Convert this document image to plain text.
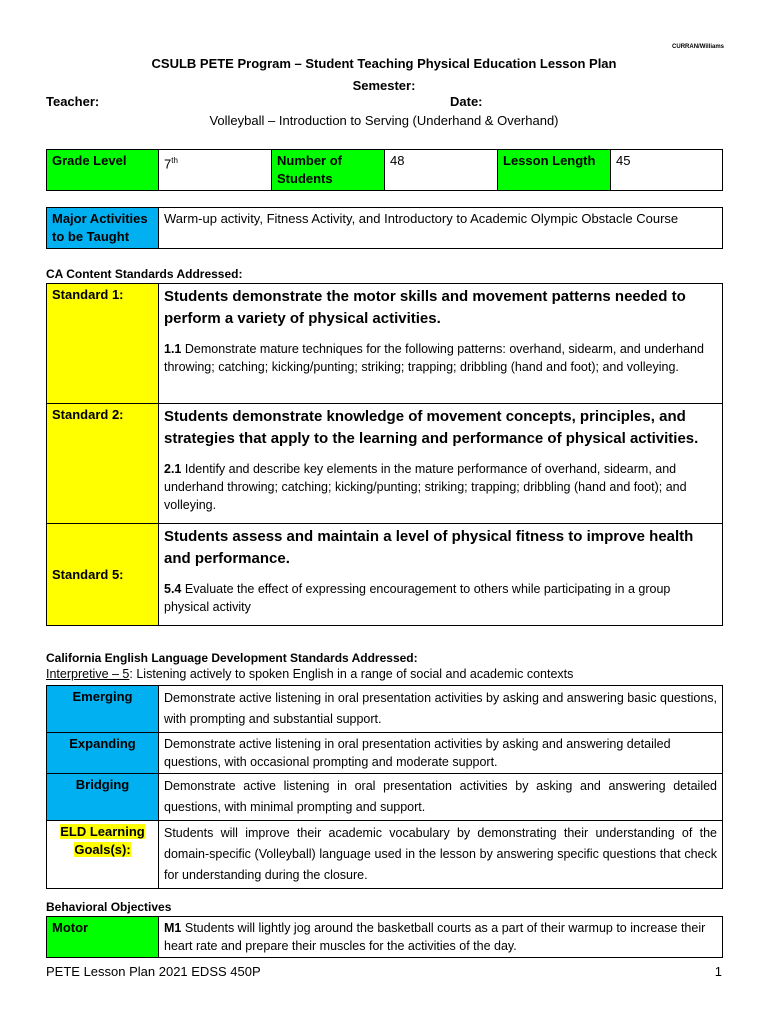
CURRAN/Williams
CSULB PETE Program – Student Teaching Physical Education Lesson Plan
Semester:
Teacher:	Date:
Volleyball – Introduction to Serving (Underhand & Overhand)
Grade Level	7th	Number of Students	48	Lesson Length	45
Major Activities to be Taught	Warm-up activity, Fitness Activity, and Introductory to Academic Olympic Obstacle Course
CA Content Standards Addressed:
Standard 1:	Students demonstrate the motor skills and movement patterns needed to perform a variety of physical activities.
1.1 Demonstrate mature techniques for the following patterns: overhand, sidearm, and underhand throwing; catching; kicking/punting; striking; trapping; dribbling (hand and foot); and volleying.

Standard 2:	Students demonstrate knowledge of movement concepts, principles, and strategies that apply to the learning and performance of physical activities.
2.1 Identify and describe key elements in the mature performance of overhand, sidearm, and underhand throwing; catching; kicking/punting; striking; trapping; dribbling (hand and foot); and volleying.

Standard 5:	Students assess and maintain a level of physical fitness to improve health and performance.
5.4 Evaluate the effect of expressing encouragement to others while participating in a group physical activity
California English Language Development Standards Addressed:
Interpretive – 5: Listening actively to spoken English in a range of social and academic contexts
Emerging	Demonstrate active listening in oral presentation activities by asking and answering basic questions, with prompting and substantial support.
Expanding	Demonstrate active listening in oral presentation activities by asking and answering detailed questions, with occasional prompting and moderate support.
Bridging	Demonstrate active listening in oral presentation activities by asking and answering detailed questions, with minimal prompting and support.
ELD Learning Goals(s):	Students will improve their academic vocabulary by demonstrating their understanding of the domain-specific (Volleyball) language used in the lesson by answering specific questions that check for understanding during the closure.
Behavioral Objectives
Motor	M1 Students will lightly jog around the basketball courts as a part of their warmup to increase their heart rate and prepare their muscles for the activities of the day.
PETE Lesson Plan 2021 EDSS 450P	1
